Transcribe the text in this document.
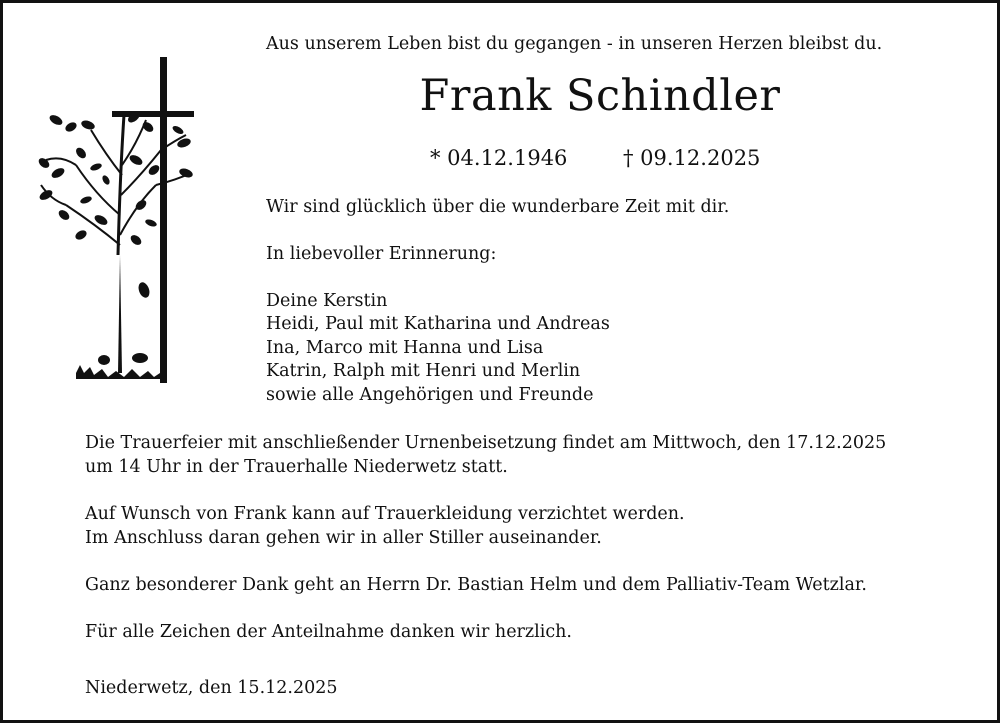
Aus unserem Leben bist du gegangen - in unseren Herzen bleibst du.
Frank Schindler
* 04.12.1946	† 09.12.2025
Wir sind glücklich über die wunderbare Zeit mit dir.
In liebevoller Erinnerung:
Deine Kerstin
Heidi, Paul mit Katharina und Andreas
Ina, Marco mit Hanna und Lisa
Katrin, Ralph mit Henri und Merlin
sowie alle Angehörigen und Freunde
Die Trauerfeier mit anschließender Urnenbeisetzung findet am Mittwoch, den 17.12.2025
um 14 Uhr in der Trauerhalle Niederwetz statt.
Auf Wunsch von Frank kann auf Trauerkleidung verzichtet werden.
Im Anschluss daran gehen wir in aller Stiller auseinander.
Ganz besonderer Dank geht an Herrn Dr. Bastian Helm und dem Palliativ-Team Wetzlar.
Für alle Zeichen der Anteilnahme danken wir herzlich.
Niederwetz, den 15.12.2025
